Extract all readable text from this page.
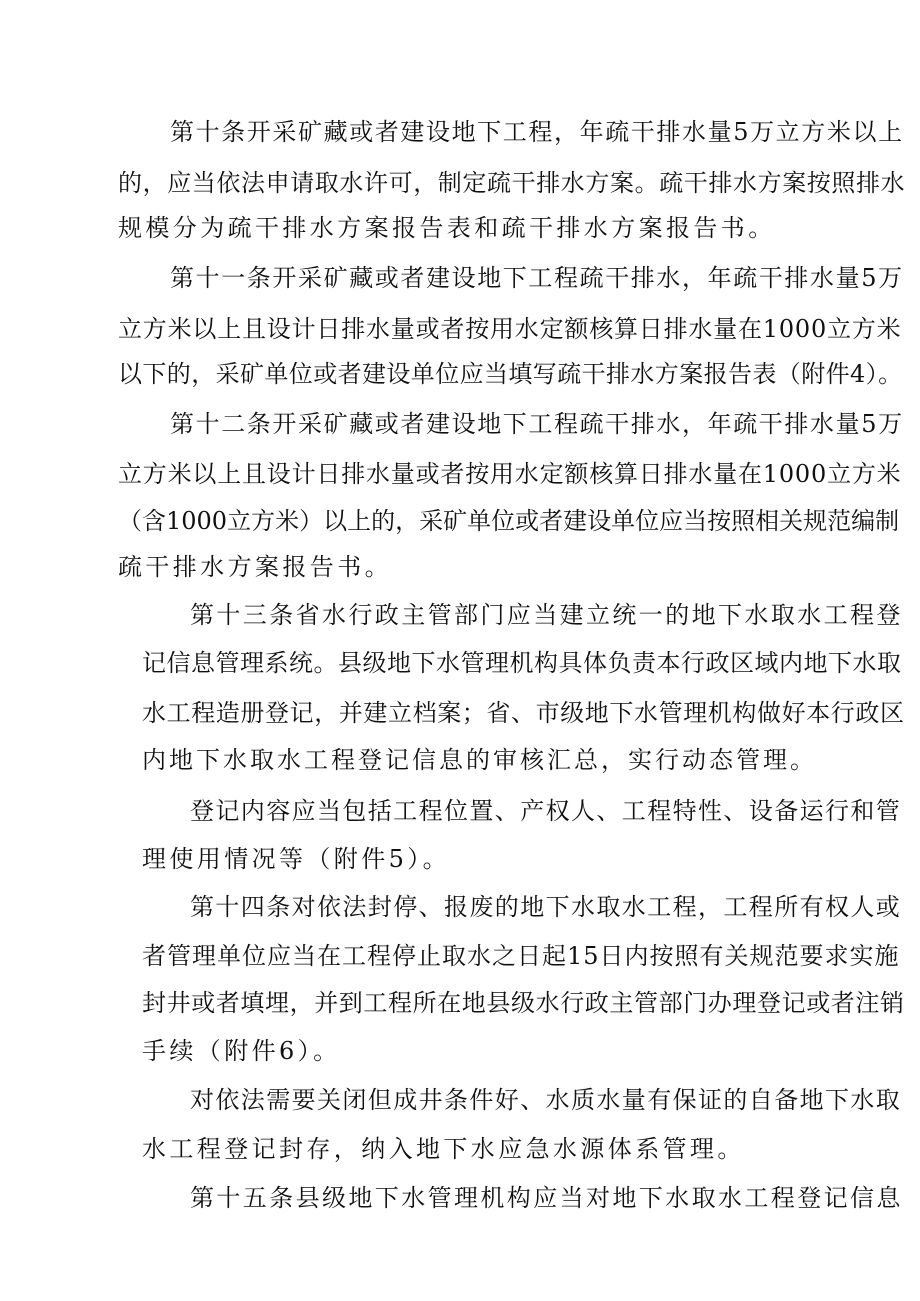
第十条开采矿藏或者建设地下工程，年疏干排水量5万立方米以上
的，应当依法申请取水许可，制定疏干排水方案。疏干排水方案按照排水
规模分为疏干排水方案报告表和疏干排水方案报告书。
第十一条开采矿藏或者建设地下工程疏干排水，年疏干排水量5万
立方米以上且设计日排水量或者按用水定额核算日排水量在1000立方米
以下的，采矿单位或者建设单位应当填写疏干排水方案报告表（附件4）。
第十二条开采矿藏或者建设地下工程疏干排水，年疏干排水量5万
立方米以上且设计日排水量或者按用水定额核算日排水量在1000立方米
（含1000立方米）以上的，采矿单位或者建设单位应当按照相关规范编制
疏干排水方案报告书。
第十三条省水行政主管部门应当建立统一的地下水取水工程登
记信息管理系统。县级地下水管理机构具体负责本行政区域内地下水取
水工程造册登记，并建立档案；省、市级地下水管理机构做好本行政区
内地下水取水工程登记信息的审核汇总，实行动态管理。
登记内容应当包括工程位置、产权人、工程特性、设备运行和管
理使用情况等（附件5）。
第十四条对依法封停、报废的地下水取水工程，工程所有权人或
者管理单位应当在工程停止取水之日起15日内按照有关规范要求实施
封井或者填埋，并到工程所在地县级水行政主管部门办理登记或者注销
手续（附件6）。
对依法需要关闭但成井条件好、水质水量有保证的自备地下水取
水工程登记封存，纳入地下水应急水源体系管理。
第十五条县级地下水管理机构应当对地下水取水工程登记信息
